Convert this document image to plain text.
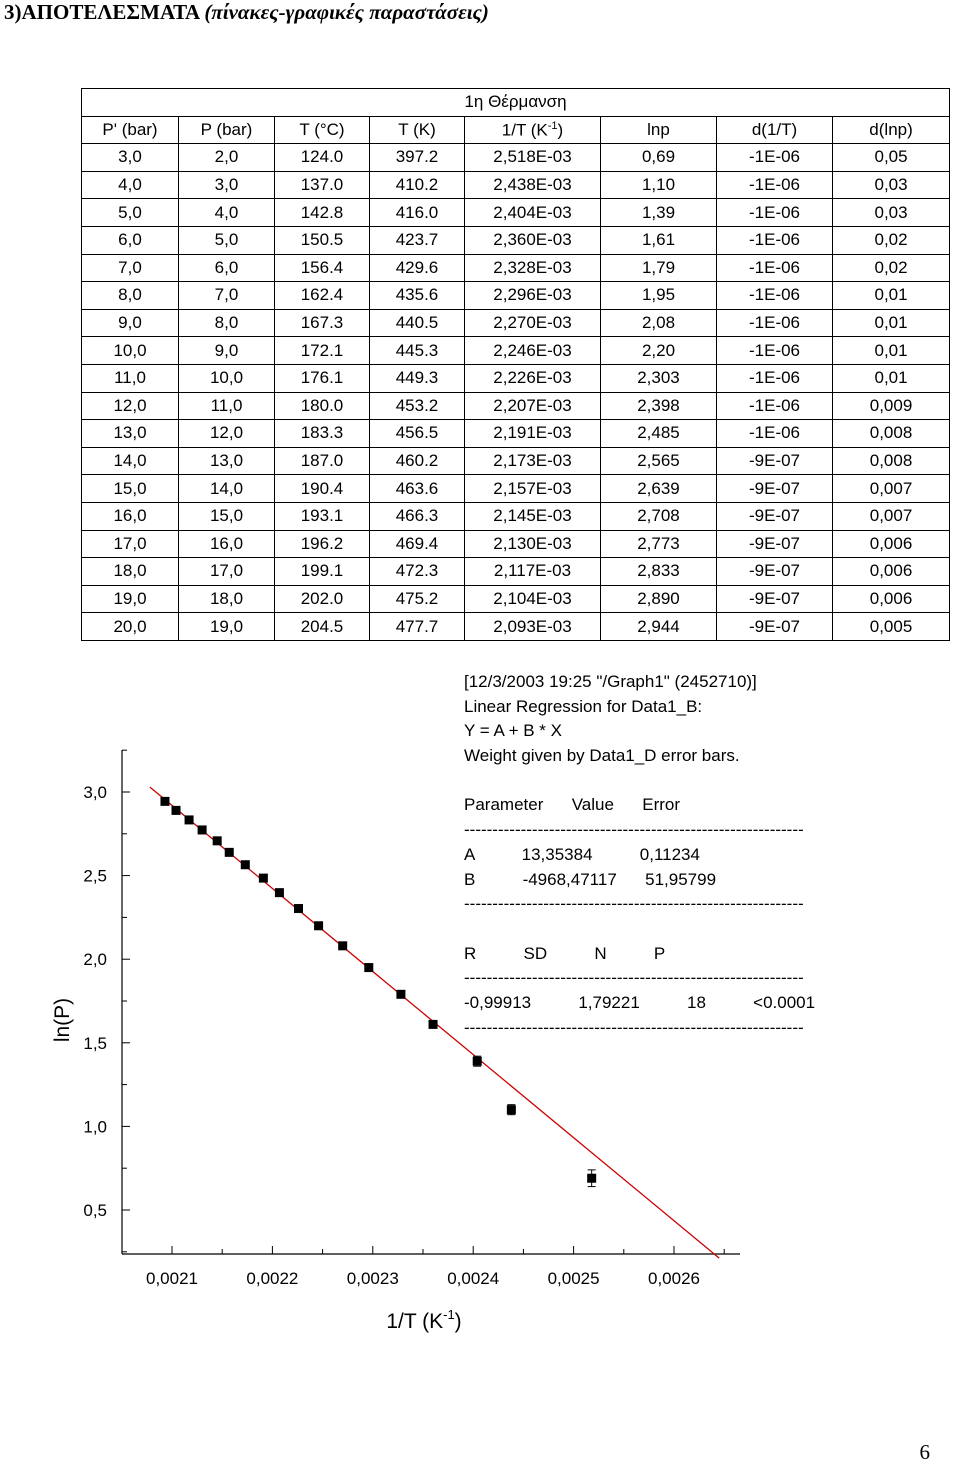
3)ΑΠΟΤΕΛΕΣΜΑΤΑ (πίνακες-γραφικές παραστάσεις)
1η Θέρμανση							
P' (bar)	P (bar)	T (°C)	T (K)	1/T $(K^{-1})$	lnp	d(1/T)	d(lnp)
3,0	2,0	124.0	397.2	2,518E-03	0,69	-1E-06	0,05
4,0	3,0	137.0	410.2	2,438E-03	1,10	-1E-06	0,03
5,0	4,0	142.8	416.0	2,404E-03	1,39	-1E-06	0,03
6,0	5,0	150.5	423.7	2,360E-03	1,61	-1E-06	0,02
7,0	6,0	156.4	429.6	2,328E-03	1,79	-1E-06	0,02
8,0	7,0	162.4	435.6	2,296E-03	1,95	-1E-06	0,01
9,0	8,0	167.3	440.5	2,270E-03	2,08	-1E-06	0,01
10,0	9,0	172.1	445.3	2,246E-03	2,20	-1E-06	0,01
11,0	10,0	176.1	449.3	2,226E-03	2,303	-1E-06	0,01
12,0	11,0	180.0	453.2	2,207E-03	2,398	-1E-06	0,009
13,0	12,0	183.3	456.5	2,191E-03	2,485	-1E-06	0,008
14,0	13,0	187.0	460.2	2,173E-03	2,565	-9E-07	0,008
15,0	14,0	190.4	463.6	2,157E-03	2,639	-9E-07	0,007
16,0	15,0	193.1	466.3	2,145E-03	2,708	-9E-07	0,007
17,0	16,0	196.2	469.4	2,130E-03	2,773	-9E-07	0,006
18,0	17,0	199.1	472.3	2,117E-03	2,833	-9E-07	0,006
19,0	18,0	202.0	475.2	2,104E-03	2,890	-9E-07	0,006
20,0	19,0	204.5	477.7	2,093E-03	2,944	-9E-07	0,005
0,5
1,0
1,5
2,0
2,5
3,0
0,0021	0,0022	0,0023	0,0024	0,0025	0,0026
1/T $(K^{-1})$
ln(P)
[12/3/2003 19:25 "/Graph1" (2452710)]
Linear Regression for Data1_B:
Y = A + B * X
Weight given by Data1_D error bars.
Parameter      Value      Error
------------------------------------------------------------
A          13,35384          0,11234
B          -4968,47117      51,95799
------------------------------------------------------------
R          SD          N          P
------------------------------------------------------------
-0,99913          1,79221          18          <0.0001
------------------------------------------------------------
6
